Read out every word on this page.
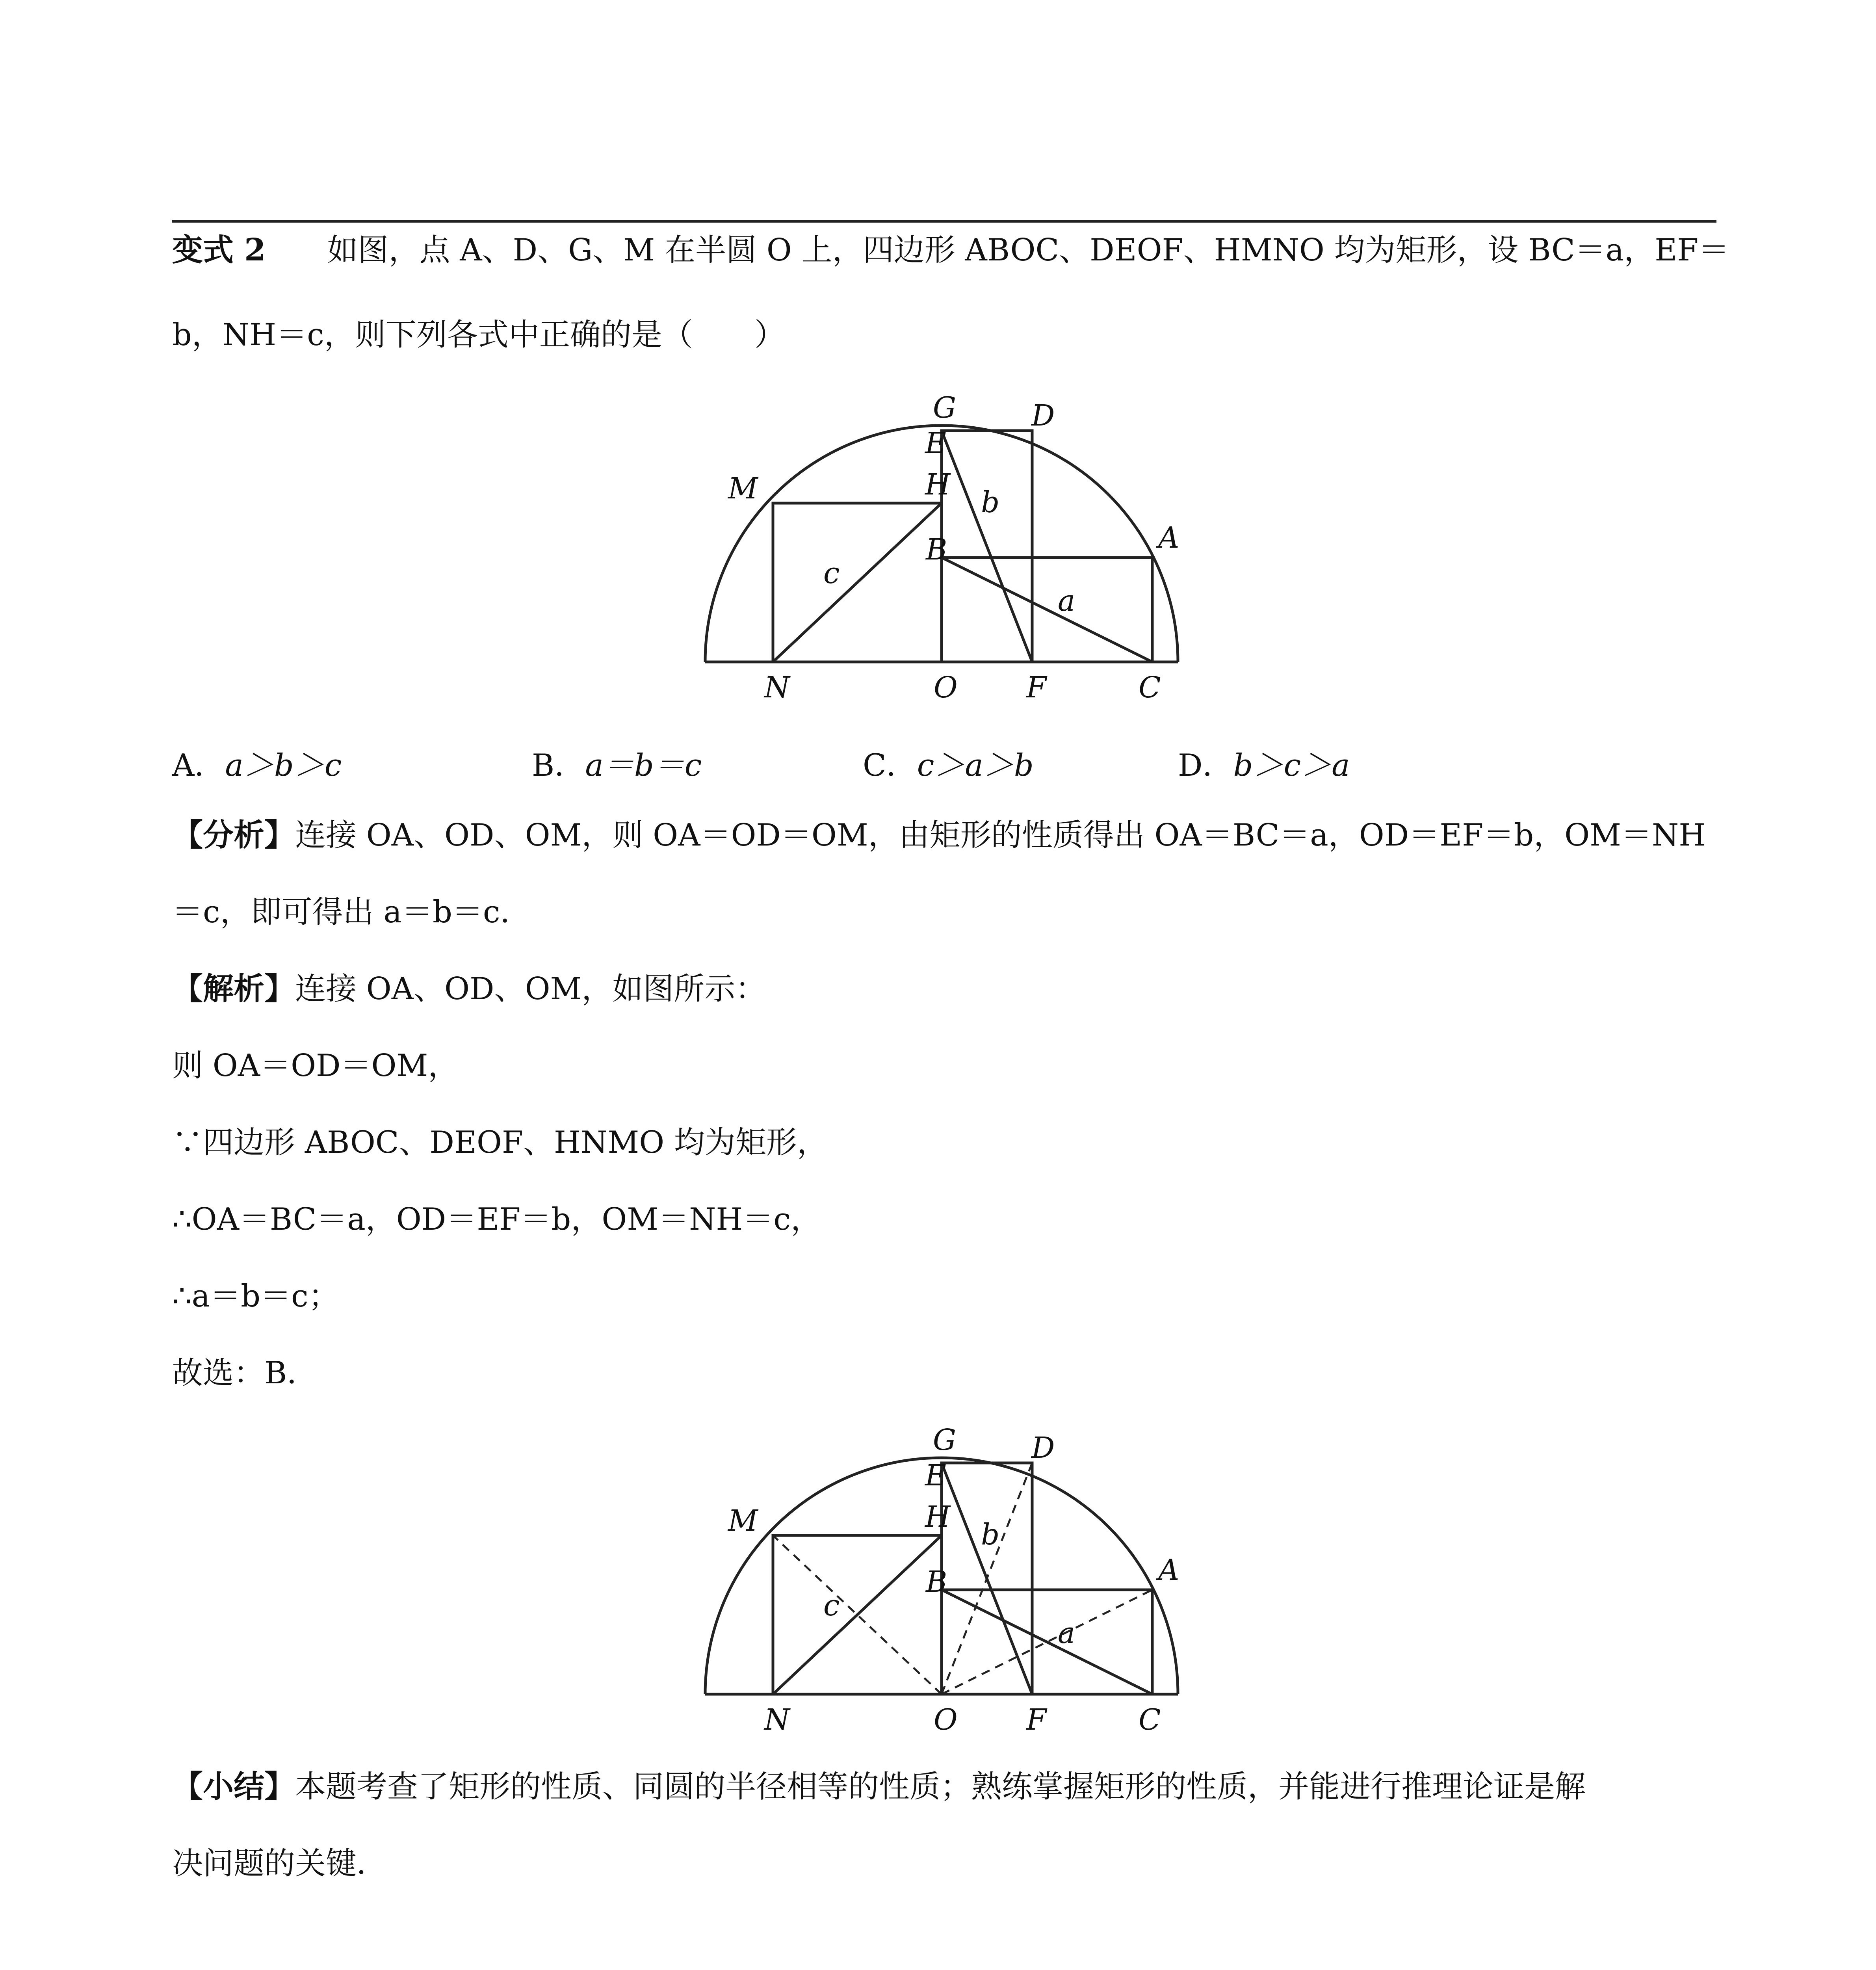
变式 2　　 如图，点 A、D、G、M 在半圆 O 上，四边形 ABOC、DEOF、HMNO 均为矩形，设 BC＝a，EF＝
b，NH＝c，则下列各式中正确的是（　　）
G	D
E
M	H
B	A
N	O F	C
b
c
a
A．a＞b＞c	B．a＝b＝c	C．c＞a＞b	D．b＞c＞a
【分析】连接 OA、OD、OM，则 OA＝OD＝OM，由矩形的性质得出 OA＝BC＝a，OD＝EF＝b，OM＝NH
＝c，即可得出 a＝b＝c．
【解析】连接 OA、OD、OM，如图所示：
则 OA＝OD＝OM，
∵四边形 ABOC、DEOF、HNMO 均为矩形，
∴OA＝BC＝a，OD＝EF＝b，OM＝NH＝c，
∴a＝b＝c；
故选：B．
G	D
E
M	H
B	A
N	O F	C
b
c
a
【小结】本题考查了矩形的性质、同圆的半径相等的性质；熟练掌握矩形的性质，并能进行推理论证是解
决问题的关键．
